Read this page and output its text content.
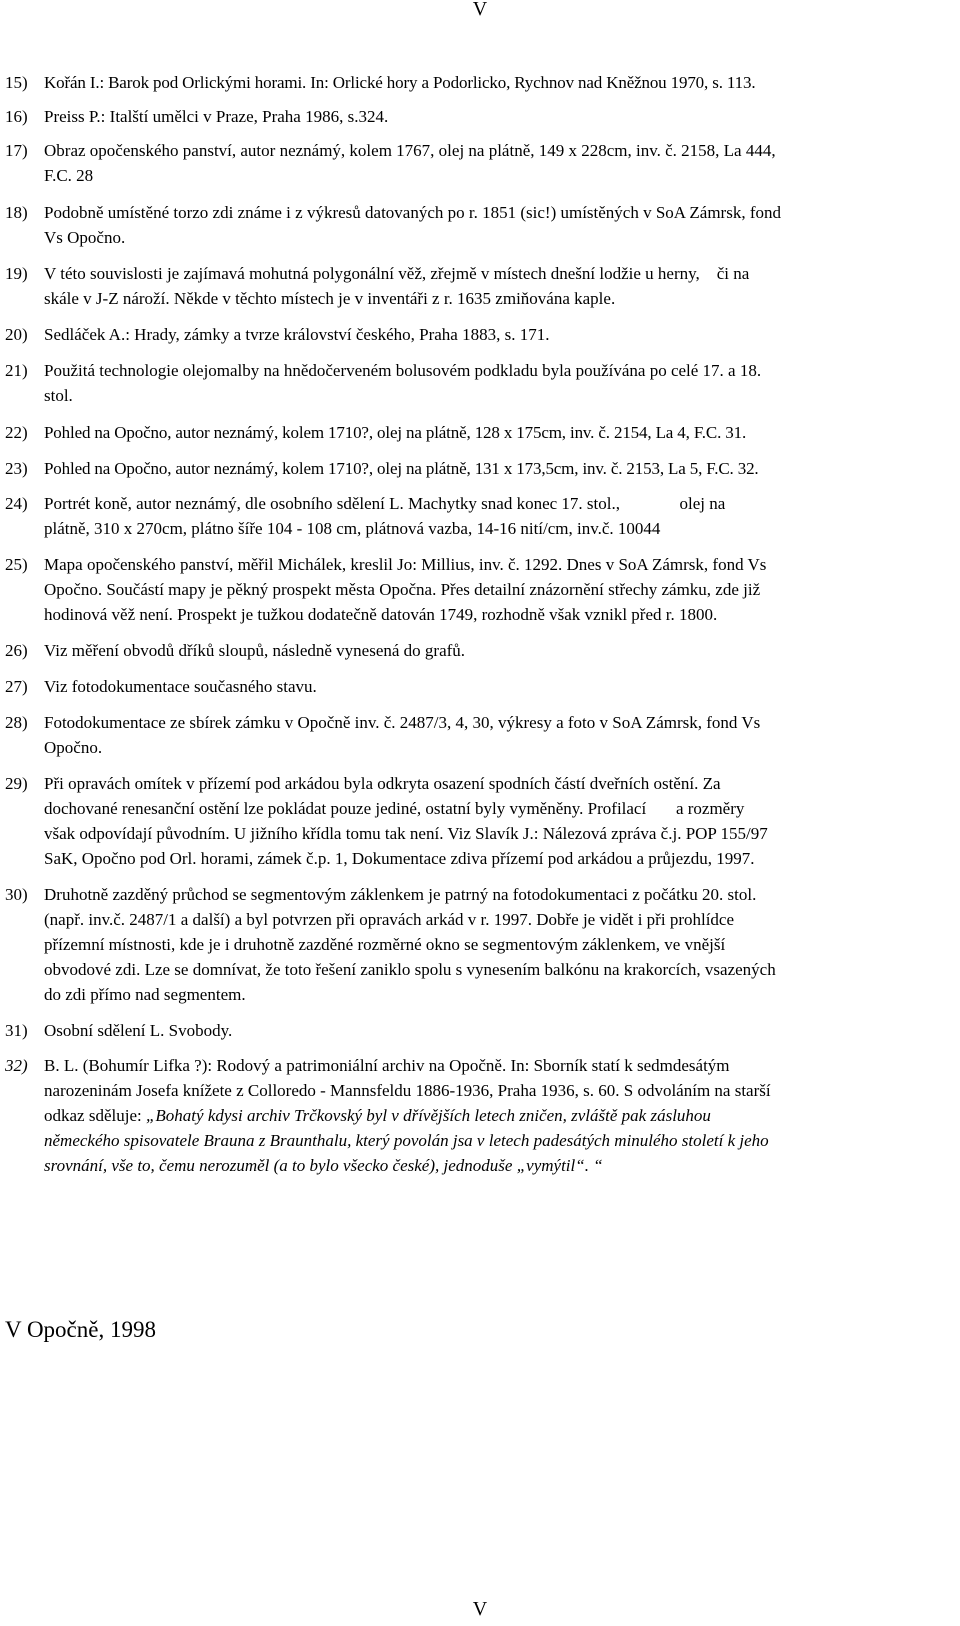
V
15) Kořán I.: Barok pod Orlickými horami. In: Orlické hory a Podorlicko, Rychnov nad Kněžnou 1970, s. 113.
16) Preiss P.: Italští umělci v Praze, Praha 1986, s.324.
17) Obraz opočenského panství, autor neznámý, kolem 1767, olej na plátně, 149 x 228cm, inv. č. 2158, La 444,
F.C. 28
18) Podobně umístěné torzo zdi známe i z výkresů datovaných po r. 1851 (sic!) umístěných v SoA Zámrsk, fond
Vs Opočno.
19) V této souvislosti je zajímavá mohutná polygonální věž, zřejmě v místech dnešní lodžie u herny,    či na
skále v J-Z nároží. Někde v těchto místech je v inventáři z r. 1635 zmiňována kaple.
20) Sedláček A.: Hrady, zámky a tvrze království českého, Praha 1883, s. 171.
21) Použitá technologie olejomalby na hnědočerveném bolusovém podkladu byla používána po celé 17. a 18.
stol.
22) Pohled na Opočno, autor neznámý, kolem 1710?, olej na plátně, 128 x 175cm, inv. č. 2154, La 4, F.C. 31.
23) Pohled na Opočno, autor neznámý, kolem 1710?, olej na plátně, 131 x 173,5cm, inv. č. 2153, La 5, F.C. 32.
24) Portrét koně, autor neznámý, dle osobního sdělení L. Machytky snad konec 17. stol.,              olej na
plátně, 310 x 270cm, plátno šíře 104 - 108 cm, plátnová vazba, 14-16 nití/cm, inv.č. 10044
25) Mapa opočenského panství, měřil Michálek, kreslil Jo: Millius, inv. č. 1292. Dnes v SoA Zámrsk, fond Vs
Opočno. Součástí mapy je pěkný prospekt města Opočna. Přes detailní znázornění střechy zámku, zde již
hodinová věž není. Prospekt je tužkou dodatečně datován 1749, rozhodně však vznikl před r. 1800.
26) Viz měření obvodů dříků sloupů, následně vynesená do grafů.
27) Viz fotodokumentace současného stavu.
28) Fotodokumentace ze sbírek zámku v Opočně inv. č. 2487/3, 4, 30, výkresy a foto v SoA Zámrsk, fond Vs
Opočno.
29) Při opravách omítek v přízemí pod arkádou byla odkryta osazení spodních částí dveřních ostění. Za
dochované renesanční ostění lze pokládat pouze jediné, ostatní byly vyměněny. Profilací       a rozměry
však odpovídají původním. U jižního křídla tomu tak není. Viz Slavík J.: Nálezová zpráva č.j. POP 155/97
SaK, Opočno pod Orl. horami, zámek č.p. 1, Dokumentace zdiva přízemí pod arkádou a průjezdu, 1997.
30) Druhotně zazděný průchod se segmentovým záklenkem je patrný na fotodokumentaci z počátku 20. stol.
(např. inv.č. 2487/1 a další) a byl potvrzen při opravách arkád v r. 1997. Dobře je vidět i při prohlídce
přízemní místnosti, kde je i druhotně zazděné rozměrné okno se segmentovým záklenkem, ve vnější
obvodové zdi. Lze se domnívat, že toto řešení zaniklo spolu s vynesením balkónu na krakorcích, vsazených
do zdi přímo nad segmentem.
31) Osobní sdělení L. Svobody.
32) B. L. (Bohumír Lifka ?): Rodový a patrimoniální archiv na Opočně. In: Sborník statí k sedmdesátým
narozeninám Josefa knížete z Colloredo - Mannsfeldu 1886-1936, Praha 1936, s. 60. S odvoláním na starší
odkaz sděluje: „Bohatý kdysi archiv Trčkovský byl v dřívějších letech zničen, zvláště pak zásluhou
německého spisovatele Brauna z Braunthalu, který povolán jsa v letech padesátých minulého století k jeho
srovnání, vše to, čemu nerozuměl (a to bylo všecko české), jednoduše „vymýtil“. “
V Opočně, 1998
V
